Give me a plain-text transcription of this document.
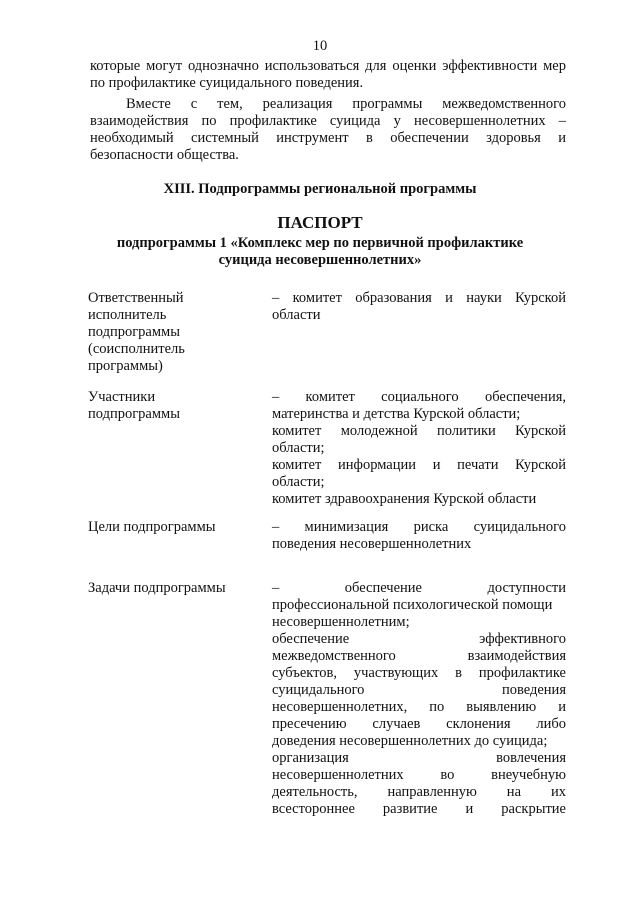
10
которые могут однозначно использоваться для оценки эффективности мер
по профилактике суицидального поведения.
Вместе с тем, реализация программы межведомственного
взаимодействия по профилактике суицида у несовершеннолетних –
необходимый системный инструмент в обеспечении здоровья и
безопасности общества.
XIII. Подпрограммы региональной программы
ПАСПОРТ
подпрограммы 1 «Комплекс мер по первичной профилактике
суицида несовершеннолетних»
Ответственный
исполнитель
подпрограммы
(соисполнитель
программы)
– комитет образования и науки Курской
области
Участники
подпрограммы
– комитет социального обеспечения,
материнства и детства Курской области;
комитет молодежной политики Курской
области;
комитет информации и печати Курской
области;
комитет здравоохранения Курской области
Цели подпрограммы	– минимизация риска суицидального
поведения несовершеннолетних
Задачи подпрограммы	– обеспечение доступности
профессиональной психологической помощи
несовершеннолетним;
обеспечение эффективного
межведомственного взаимодействия
субъектов, участвующих в профилактике
суицидального поведения
несовершеннолетних, по выявлению и
пресечению случаев склонения либо
доведения несовершеннолетних до суицида;
организация вовлечения
несовершеннолетних во внеучебную
деятельность, направленную на их
всестороннее развитие и раскрытие
